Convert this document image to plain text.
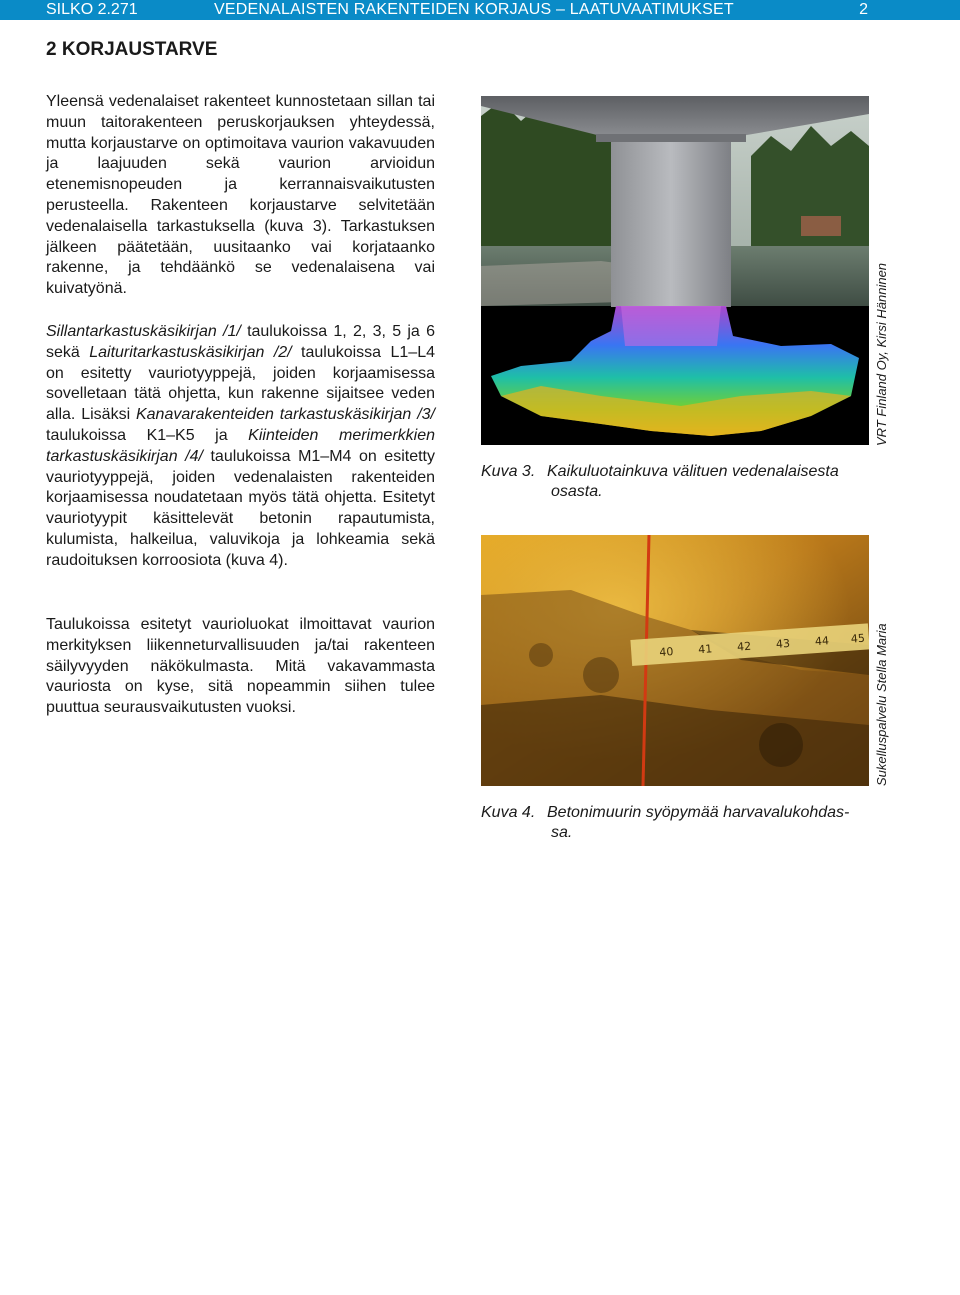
SILKO 2.271	VEDENALAISTEN RAKENTEIDEN KORJAUS – LAATUVAATIMUKSET	2
2 KORJAUSTARVE

Yleensä vedenalaiset rakenteet kunnostetaan sillan tai muun taitorakenteen peruskorjauksen yhteydessä, mutta korjaustarve on optimoitava vaurion vakavuuden ja laajuuden sekä vaurion arvioidun etenemisnopeuden ja kerrannaisvaikutusten perusteella. Rakenteen korjaustarve selvitetään vedenalaisella tarkastuksella (kuva 3). Tarkastuksen jälkeen päätetään, uusitaanko vai korjataanko rakenne, ja tehdäänkö se vedenalaisena vai kuivatyönä.

Sillantarkastuskäsikirjan /1/ taulukoissa 1, 2, 3, 5 ja 6 sekä Laituritarkastuskäsikirjan /2/ taulukoissa L1–L4 on esitetty vauriotyyppejä, joiden korjaamisessa sovelletaan tätä ohjetta, kun rakenne sijaitsee veden alla. Lisäksi Kanavarakenteiden tarkastuskäsikirjan /3/ taulukoissa K1–K5 ja Kiinteiden merimerkkien tarkastuskäsikirjan /4/ taulukoissa M1–M4 on esitetty vauriotyyppejä, joiden vedenalaisten rakenteiden korjaamisessa noudatetaan myös tätä ohjetta. Esitetyt vauriotyypit käsittelevät betonin rapautumista, kulumista, halkeilua, valuvikoja ja lohkeamia sekä raudoituksen korroosiota (kuva 4).

Taulukoissa esitetyt vaurioluokat ilmoittavat vaurion merkityksen liikenneturvallisuuden ja/tai rakenteen säilyvyyden näkökulmasta. Mitä vakavammasta vauriosta on kyse, sitä nopeammin siihen tulee puuttua seurausvaikutusten vuoksi.

Kuva 3. Kaikuluotainkuva välituen vedenalaisesta
osasta.
VRT Finland Oy, Kirsi Hänninen
40 41 42 43 44 45
Kuva 4. Betonimuurin syöpymää harvavalukohdas-
sa.
Sukelluspalvelu Stella Maria
